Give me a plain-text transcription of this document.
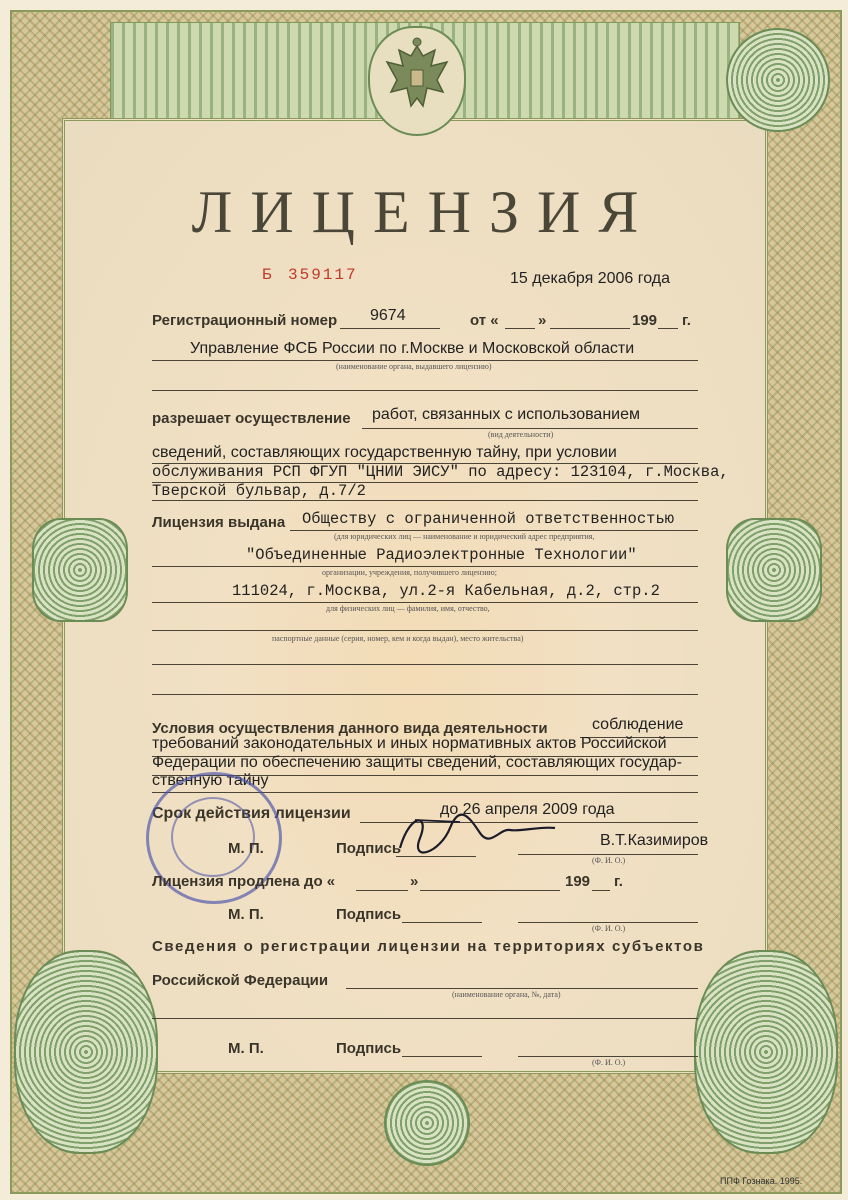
ЛИЦЕНЗИЯ
Б 359117	15 декабря 2006 года
Регистрационный номер 9674	от «	»	199 г.
Управление ФСБ России по г.Москве и Московской области
(наименование органа, выдавшего лицензию)
разрешает осуществление работ, связанных с использованием
(вид деятельности)
сведений, составляющих государственную тайну, при условии
обслуживания РСП ФГУП "ЦНИИ ЭИСУ" по адресу: 123104, г.Москва,
Тверской бульвар, д.7/2
Лицензия выдана Обществу с ограниченной ответственностью
(для юридических лиц — наименование и юридический адрес предприятия,
"Объединенные Радиоэлектронные Технологии"
организации, учреждения, получившего лицензию;
111024, г.Москва, ул.2-я Кабельная, д.2, стр.2
для физических лиц — фамилия, имя, отчество,
паспортные данные (серия, номер, кем и когда выдан), место жительства)
Условия осуществления данного вида деятельности	соблюдение
требований законодательных и иных нормативных актов Российской
Федерации по обеспечению защиты сведений, составляющих государ-
ственную тайну
Срок действия лицензии	до 26 апреля 2009 года
М. П.	Подпись	В.Т.Казимиров
(Ф. И. О.)
Лицензия продлена до «	»	199 г.
М. П.	Подпись
(Ф. И. О.)
Сведения о регистрации лицензии на территориях субъектов
Российской Федерации
(наименование органа, №, дата)
М. П.	Подпись
(Ф. И. О.)
ППФ Гознака. 1995.
